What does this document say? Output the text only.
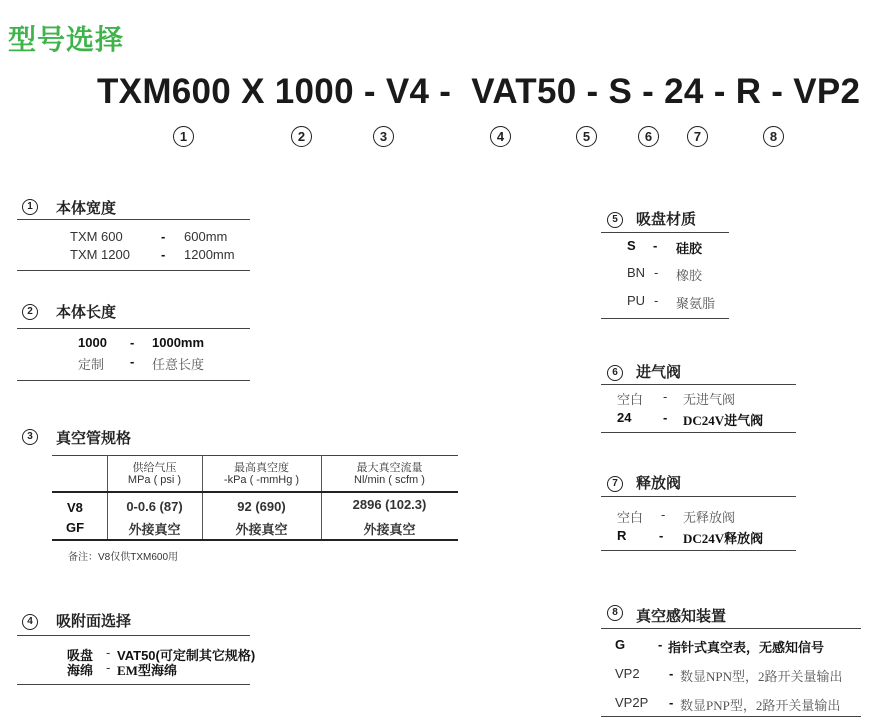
型号选择
TXM600 X 1000 - V4 -  VAT50 - S - 24 - R - VP2
1	2	3	4	5	6	7	8
1	本体宽度
TXM 600	- 600mm
TXM 1200 - 1200mm
2	本体长度
1000 - 1000mm
定制 - 任意长度
3	真空管规格
供给气压
MPa ( psi )
最高真空度
-kPa ( -mmHg )
最大真空流量
Nl/min ( scfm )
V8	0-0.6 (87)	92 (690)	2896 (102.3)
GF	外接真空	外接真空	外接真空
备注：V8仅供TXM600用
4	吸附面选择
吸盘 - VAT50(可定制其它规格)
海绵 - EM型海绵
5	吸盘材质
S - 硅胶
BN - 橡胶
PU - 聚氨脂
6	进气阀
空白 - 无进气阀
24 - DC24V进气阀
7	释放阀
空白 - 无释放阀
R	- DC24V释放阀
8	真空感知装置
G	- 指针式真空表，无感知信号
VP2 - 数显NPN型，2路开关量输出
VP2P - 数显PNP型，2路开关量输出
